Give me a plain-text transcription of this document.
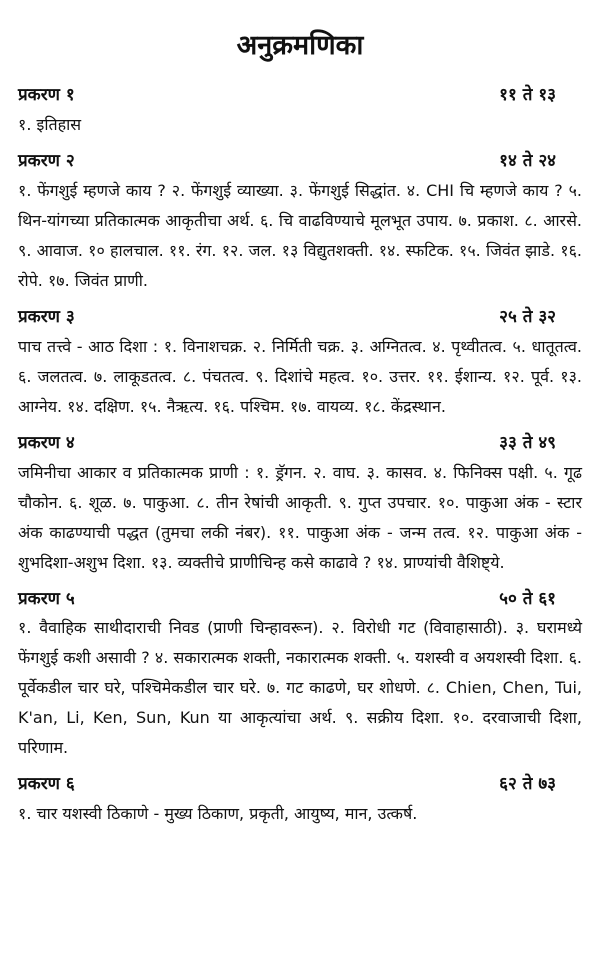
अनुक्रमणिका
प्रकरण १	११ ते १३
१. इतिहास
प्रकरण २	१४ ते २४
१. फेंगशुई म्हणजे काय ? २. फेंगशुई व्याख्या. ३. फेंगशुई सिद्धांत. ४. CHI चि म्हणजे काय ? ५. थिन-यांगच्या प्रतिकात्मक आकृतीचा अर्थ. ६. चि वाढविण्याचे मूलभूत उपाय. ७. प्रकाश. ८. आरसे. ९. आवाज. १० हालचाल. ११. रंग. १२. जल. १३ विद्युतशक्ती. १४. स्फटिक. १५. जिवंत झाडे. १६. रोपे. १७. जिवंत प्राणी.
प्रकरण ३	२५ ते ३२
पाच तत्त्वे - आठ दिशा : १. विनाशचक्र. २. निर्मिती चक्र. ३. अग्नितत्व. ४. पृथ्वीतत्व. ५. धातूतत्व. ६. जलतत्व. ७. लाकूडतत्व. ८. पंचतत्व. ९. दिशांचे महत्व. १०. उत्तर. ११. ईशान्य. १२. पूर्व. १३. आग्नेय. १४. दक्षिण. १५. नैऋत्य. १६. पश्चिम. १७. वायव्य. १८. केंद्रस्थान.
प्रकरण ४	३३ ते ४९
जमिनीचा आकार व प्रतिकात्मक प्राणी : १. ड्रॅगन. २. वाघ. ३. कासव. ४. फिनिक्स पक्षी. ५. गूढ चौकोन. ६. शूळ. ७. पाकुआ. ८. तीन रेषांची आकृती. ९. गुप्त उपचार. १०. पाकुआ अंक - स्टार अंक काढण्याची पद्धत (तुमचा लकी नंबर). ११. पाकुआ अंक - जन्म तत्व. १२. पाकुआ अंक - शुभदिशा-अशुभ दिशा. १३. व्यक्तीचे प्राणीचिन्ह कसे काढावे ? १४. प्राण्यांची वैशिष्ट्ये.
प्रकरण ५	५० ते ६१
१. वैवाहिक साथीदाराची निवड (प्राणी चिन्हावरून). २. विरोधी गट (विवाहासाठी). ३. घरामध्ये फेंगशुई कशी असावी ? ४. सकारात्मक शक्ती, नकारात्मक शक्ती. ५. यशस्वी व अयशस्वी दिशा. ६. पूर्वेकडील चार घरे, पश्चिमेकडील चार घरे. ७. गट काढणे, घर शोधणे. ८. Chien, Chen, Tui, K'an, Li, Ken, Sun, Kun या आकृत्यांचा अर्थ. ९. सक्रीय दिशा. १०. दरवाजाची दिशा, परिणाम.
प्रकरण ६	६२ ते ७३
१. चार यशस्वी ठिकाणे - मुख्य ठिकाण, प्रकृती, आयुष्य, मान, उत्कर्ष.
